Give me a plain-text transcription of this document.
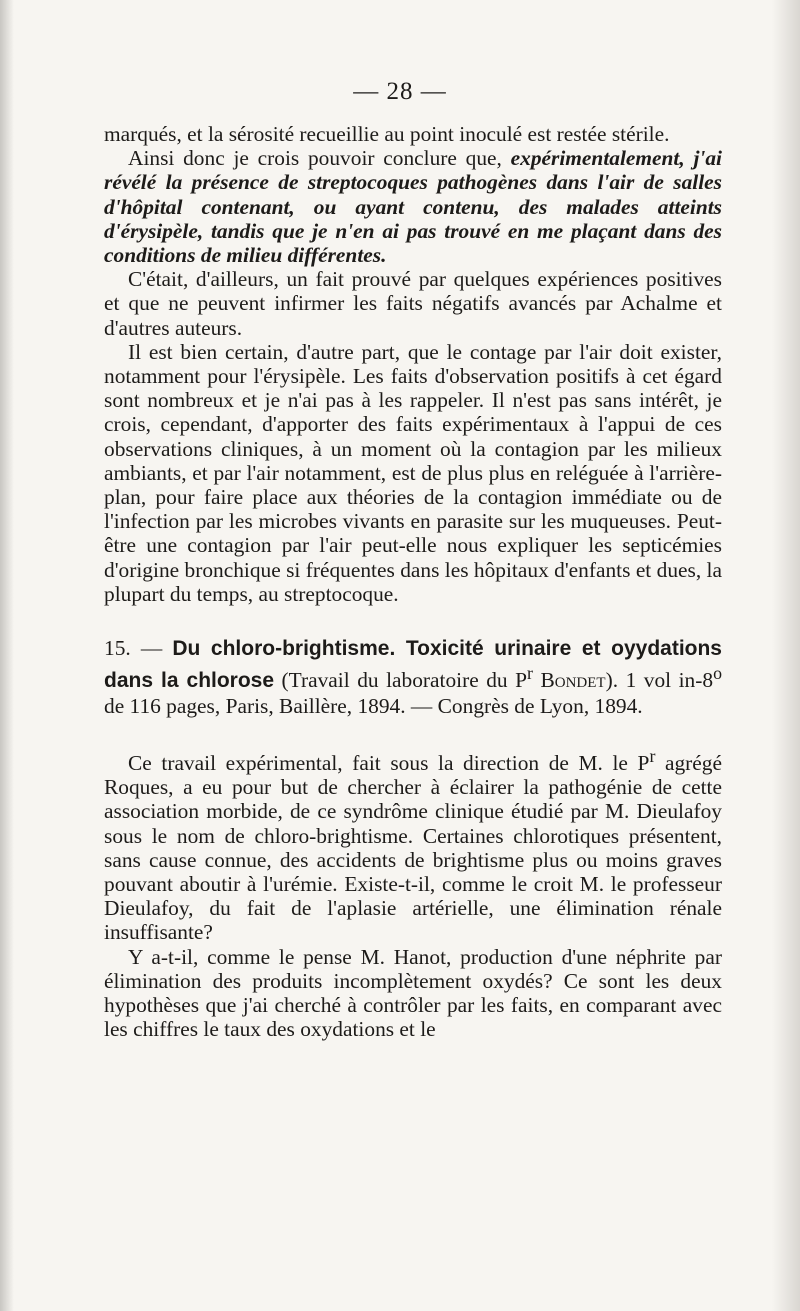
— 28 —

marqués, et la sérosité recueillie au point inoculé est restée stérile.

Ainsi donc je crois pouvoir conclure que, expérimentalement, j'ai révélé la présence de streptocoques pathogènes dans l'air de salles d'hôpital contenant, ou ayant contenu, des malades atteints d'érysipèle, tandis que je n'en ai pas trouvé en me plaçant dans des conditions de milieu différentes.

C'était, d'ailleurs, un fait prouvé par quelques expériences positives et que ne peuvent infirmer les faits négatifs avancés par Achalme et d'autres auteurs.

Il est bien certain, d'autre part, que le contage par l'air doit exister, notamment pour l'érysipèle. Les faits d'observation positifs à cet égard sont nombreux et je n'ai pas à les rappeler. Il n'est pas sans intérêt, je crois, cependant, d'apporter des faits expérimentaux à l'appui de ces observations cliniques, à un moment où la contagion par les milieux ambiants, et par l'air notamment, est de plus plus en reléguée à l'arrière-plan, pour faire place aux théories de la contagion immédiate ou de l'infection par les microbes vivants en parasite sur les muqueuses. Peut-être une contagion par l'air peut-elle nous expliquer les septicémies d'origine bronchique si fréquentes dans les hôpitaux d'enfants et dues, la plupart du temps, au streptocoque.

15. — Du chloro-brightisme. Toxicité urinaire et oyydations dans la chlorose (Travail du laboratoire du $P^r$ Bondet). 1 vol in-8$^o$ de 116 pages, Paris, Baillère, 1894. — Congrès de Lyon, 1894.

Ce travail expérimental, fait sous la direction de M. le $P^r$ agrégé Roques, a eu pour but de chercher à éclairer la pathogénie de cette association morbide, de ce syndrôme clinique étudié par M. Dieulafoy sous le nom de chloro-brightisme. Certaines chlorotiques présentent, sans cause connue, des accidents de brightisme plus ou moins graves pouvant aboutir à l'urémie. Existe-t-il, comme le croit M. le professeur Dieulafoy, du fait de l'aplasie artérielle, une élimination rénale insuffisante?

Y a-t-il, comme le pense M. Hanot, production d'une néphrite par élimination des produits incomplètement oxydés? Ce sont les deux hypothèses que j'ai cherché à contrôler par les faits, en comparant avec les chiffres le taux des oxydations et le
